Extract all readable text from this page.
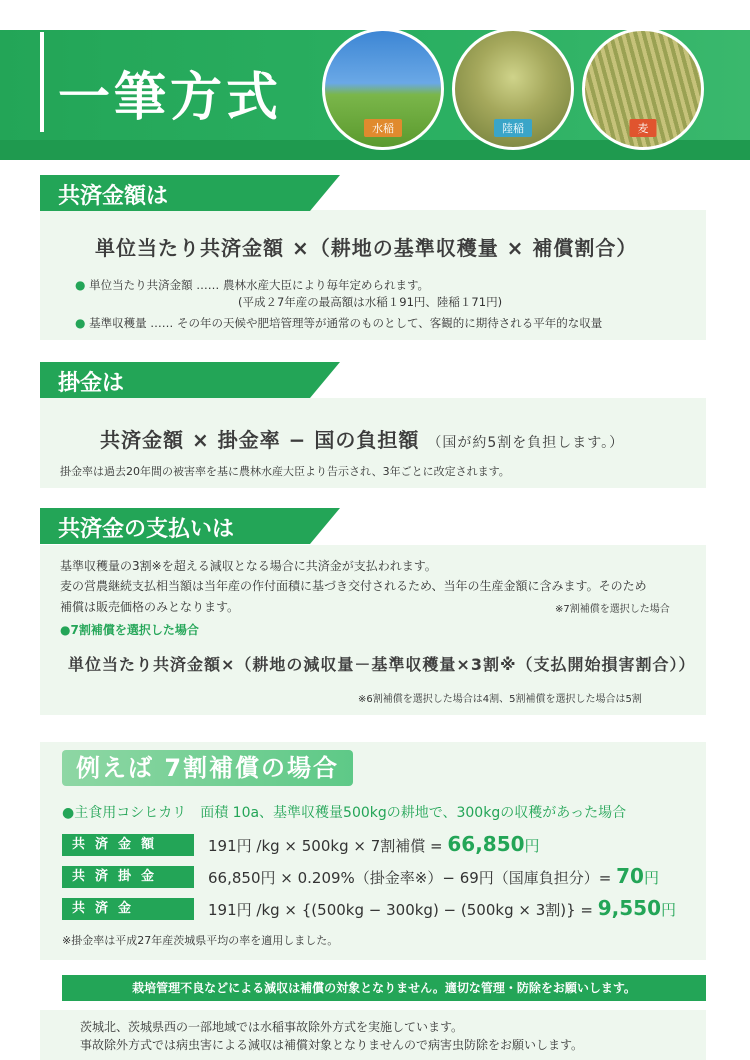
一筆方式
水稲	陸稲	麦
共済金額は
単位当たり共済金額 ×（耕地の基準収穫量 × 補償割合）
● 単位当たり共済金額 …… 農林水産大臣により毎年定められます。
(平成２7年産の最高額は水稲１91円、陸稲１71円)
● 基準収穫量 …… その年の天候や肥培管理等が通常のものとして、客観的に期待される平年的な収量
掛金は
共済金額 × 掛金率 − 国の負担額 （国が約5割を負担します。）
掛金率は過去20年間の被害率を基に農林水産大臣より告示され、3年ごとに改定されます。
共済金の支払いは
基準収穫量の3割※を超える減収となる場合に共済金が支払われます。
麦の営農継続支払相当額は当年産の作付面積に基づき交付されるため、当年の生産金額に含みます。そのため
補償は販売価格のみとなります。	※7割補償を選択した場合
●7割補償を選択した場合
単位当たり共済金額×（耕地の減収量－基準収穫量×3割※（支払開始損害割合））
※6割補償を選択した場合は4割、5割補償を選択した場合は5割
例えば 7割補償の場合
●主食用コシヒカリ　面積 10a、基準収穫量500kgの耕地で、300kgの収穫があった場合
共済金額	191円 /kg × 500kg × 7割補償 = 66,850円
共済掛金	66,850円 × 0.209%（掛金率※）− 69円（国庫負担分）= 70円
共済金	191円 /kg × {(500kg − 300kg) − (500kg × 3割)} = 9,550円
※掛金率は平成27年産茨城県平均の率を適用しました。
栽培管理不良などによる減収は補償の対象となりません。適切な管理・防除をお願いします。
茨城北、茨城県西の一部地域では水稲事故除外方式を実施しています。
事故除外方式では病虫害による減収は補償対象となりませんので病害虫防除をお願いします。
